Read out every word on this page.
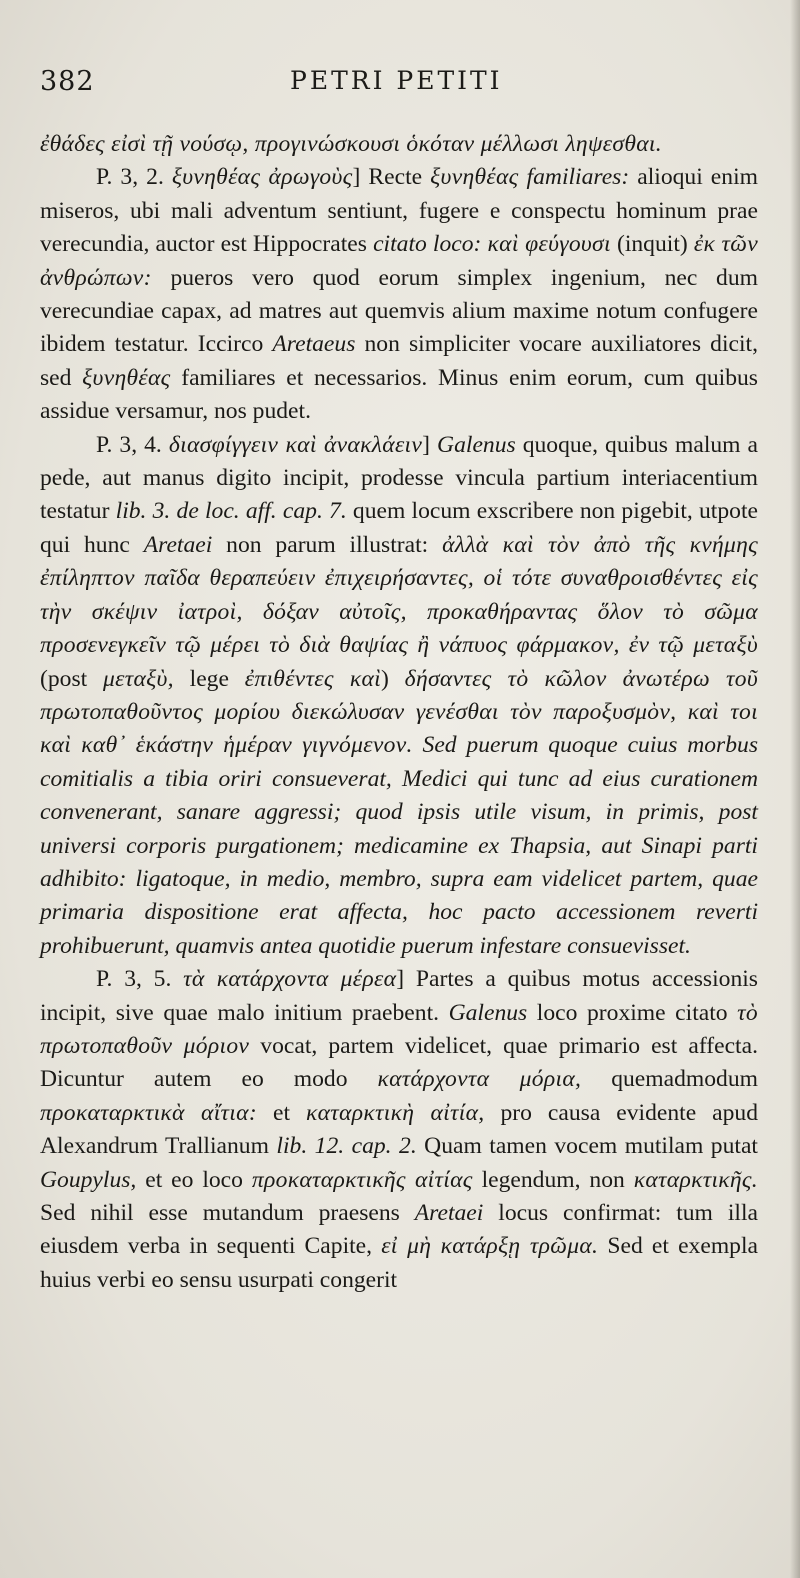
382	PETRI PETITI

ἐθάδες εἰσὶ τῇ νούσῳ, προγινώσκουσι ὁκόταν μέλλωσι ληψεσθαι.

P. 3, 2. ξυνηθέας ἀρωγοὺς] Recte ξυνηθέας familiares: alioqui enim miseros, ubi mali adventum sentiunt, fugere e conspectu hominum prae verecundia, auctor est Hippocrates citato loco: καὶ φεύγουσι (inquit) ἐκ τῶν ἀνθρώπων: pueros vero quod eorum simplex ingenium, nec dum verecundiae capax, ad matres aut quemvis alium maxime notum confugere ibidem testatur. Iccirco Aretaeus non simpliciter vocare auxiliatores dicit, sed ξυνηθέας familiares et necessarios. Minus enim eorum, cum quibus assidue versamur, nos pudet.

P. 3, 4. διασφίγγειν καὶ ἀνακλάειν] Galenus quoque, quibus malum a pede, aut manus digito incipit, prodesse vincula partium interiacentium testatur lib. 3. de loc. aff. cap. 7. quem locum exscribere non pigebit, utpote qui hunc Aretaei non parum illustrat: ἀλλὰ καὶ τὸν ἀπὸ τῆς κνήμης ἐπίληπτον παῖδα θεραπεύειν ἐπιχειρήσαντες, οἱ τότε συναθροισθέντες εἰς τὴν σκέψιν ἰατροὶ, δόξαν αὐτοῖς, προκαθήραντας ὅλον τὸ σῶμα προσενεγκεῖν τῷ μέρει τὸ διὰ θαψίας ἢ νάπυος φάρμακον, ἐν τῷ μεταξὺ (post μεταξὺ, lege ἐπιθέντες καὶ) δήσαντες τὸ κῶλον ἀνωτέρω τοῦ πρωτοπαθοῦντος μορίου διεκώλυσαν γενέσθαι τὸν παροξυσμὸν, καὶ τοι καὶ καθ᾽ ἑκάστην ἡμέραν γιγνόμενον. Sed puerum quoque cuius morbus comitialis a tibia oriri consueverat, Medici qui tunc ad eius curationem convenerant, sanare aggressi; quod ipsis utile visum, in primis, post universi corporis purgationem; medicamine ex Thapsia, aut Sinapi parti adhibito: ligatoque, in medio, membro, supra eam videlicet partem, quae primaria dispositione erat affecta, hoc pacto accessionem reverti prohibuerunt, quamvis antea quotidie puerum infestare consuevisset.

P. 3, 5. τὰ κατάρχοντα μέρεα] Partes a quibus motus accessionis incipit, sive quae malo initium praebent. Galenus loco proxime citato τὸ πρωτοπαθοῦν μόριον vocat, partem videlicet, quae primario est affecta. Dicuntur autem eo modo κατάρχοντα μόρια, quemadmodum προκαταρκτικὰ αἴτια: et καταρκτικὴ αἰτία, pro causa evidente apud Alexandrum Trallianum lib. 12. cap. 2. Quam tamen vocem mutilam putat Goupylus, et eo loco προκαταρκτικῆς αἰτίας legendum, non καταρκτικῆς. Sed nihil esse mutandum praesens Aretaei locus confirmat: tum illa eiusdem verba in sequenti Capite, εἰ μὴ κατάρξῃ τρῶμα. Sed et exempla huius verbi eo sensu usurpati congerit
